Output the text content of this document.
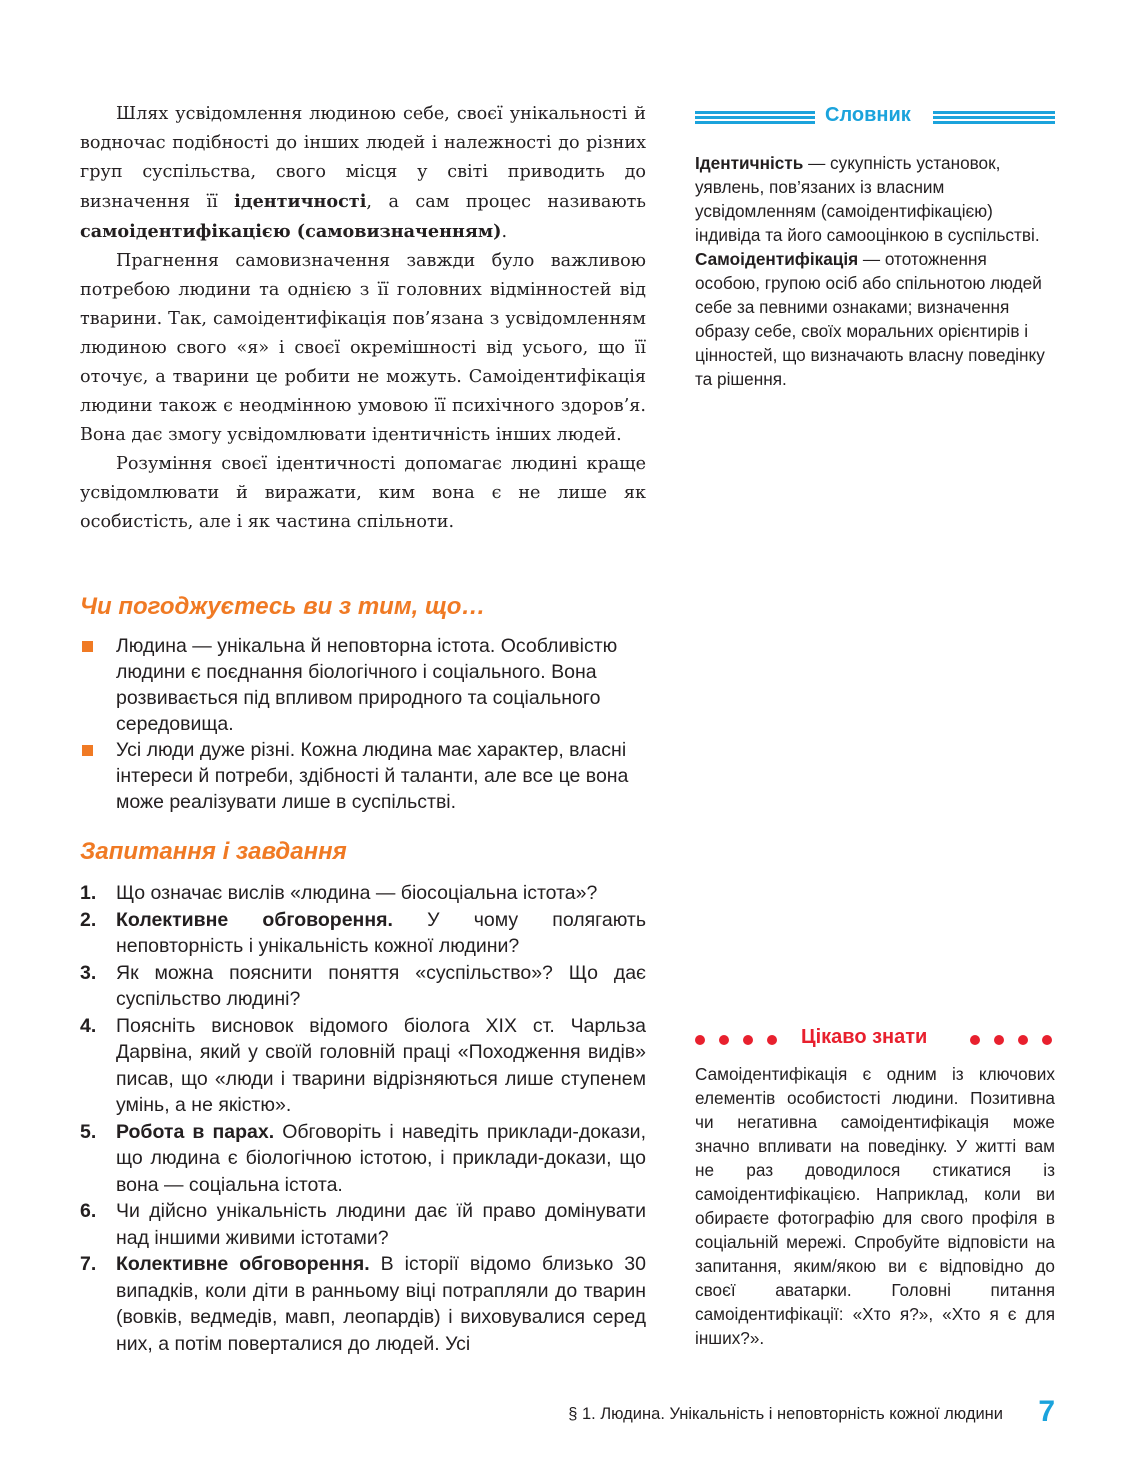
Шлях усвідомлення людиною себе, своєї унікальності й водночас подібності до інших людей і належності до різних груп суспільства, свого місця у світі приводить до визначення її ідентичності, а сам процес називають самоідентифікацією (самовизначенням).

Прагнення самовизначення завжди було важливою потребою людини та однією з її головних відмінностей від тварини. Так, самоідентифікація пов’язана з усвідомленням людиною свого «я» і своєї окремішності від усього, що її оточує, а тварини це робити не можуть. Самоідентифікація людини також є неодмінною умовою її психічного здоров’я. Вона дає змогу усвідомлювати ідентичність інших людей.

Розуміння своєї ідентичності допомагає людині краще усвідомлювати й виражати, ким вона є не лише як особистість, але і як частина спільноти.

Чи погоджуєтесь ви з тим, що…
Людина — унікальна й неповторна істота. Особливістю людини є поєднання біологічного і соціального. Вона розвивається під впливом природного та соціального середовища.
Усі люди дуже різні. Кожна людина має характер, власні інтереси й потреби, здібності й таланти, але все це вона може реалізувати лише в суспільстві.
Запитання і завдання
1. Що означає вислів «людина — біосоціальна істота»?
2. Колективне обговорення. У чому полягають неповторність і унікальність кожної людини?
3. Як можна пояснити поняття «суспільство»? Що дає суспільство людині?
4. Поясніть висновок відомого біолога XIX ст. Чарльза Дарвіна, який у своїй головній праці «Походження видів» писав, що «люди і тварини відрізняються лише ступенем умінь, а не якістю».
5. Робота в парах. Обговоріть і наведіть приклади-докази, що людина є біологічною істотою, і приклади-докази, що вона — соціальна істота.
6. Чи дійсно унікальність людини дає їй право домінувати над іншими живими істотами?
7. Колективне обговорення. В історії відомо близько 30 випадків, коли діти в ранньому віці потрапляли до тварин (вовків, ведмедів, мавп, леопардів) і виховувалися серед них, а потім поверталися до людей. Усі
Словник

Ідентичність — сукупність установок, уявлень, пов’язаних із власним усвідомленням (самоідентифікацією) індивіда та його самооцінкою в суспільстві.

Самоідентифікація — ототожнення особою, групою осіб або спільнотою людей себе за певними ознаками; визначення образу себе, своїх моральних орієнтирів і цінностей, що визначають власну поведінку та рішення.

Цікаво знати
Самоідентифікація є одним із ключових елементів особистості людини. Позитивна чи негативна самоідентифікація може значно впливати на поведінку. У житті вам не раз доводилося стикатися із самоідентифікацією. Наприклад, коли ви обираєте фотографію для свого профіля в соціальній мережі. Спробуйте відповісти на запитання, яким/якою ви є відповідно до своєї аватарки. Головні питання самоідентифікації: «Хто я?», «Хто я є для інших?».
§ 1. Людина. Унікальність і неповторність кожної людини 7
